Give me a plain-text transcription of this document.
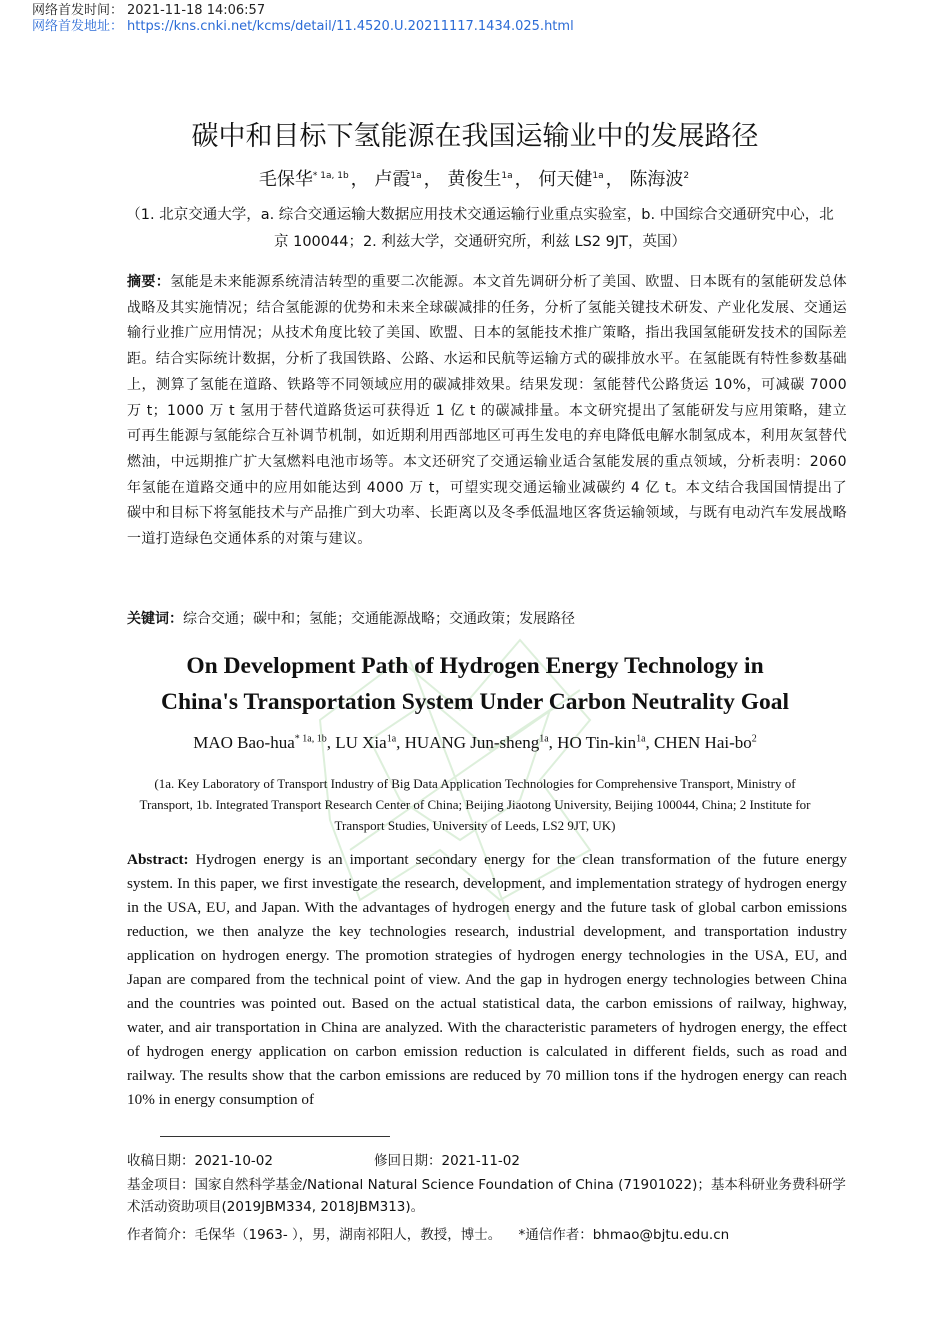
网络首发时间： 2021-11-18 14:06:57
网络首发地址： https://kns.cnki.net/kcms/detail/11.4520.U.20211117.1434.025.html
碳中和目标下氢能源在我国运输业中的发展路径
毛保华$^{* 1a, 1b}$ ， 卢霞$^{1a}$ ， 黄俊生$^{1a}$ ， 何天健$^{1a}$ ， 陈海波$^2$
（1. 北京交通大学，a. 综合交通运输大数据应用技术交通运输行业重点实验室，b. 中国综合交通研究中心，北京 100044；2. 利兹大学，交通研究所，利兹 LS2 9JT，英国）
摘要：氢能是未来能源系统清洁转型的重要二次能源。本文首先调研分析了美国、欧盟、日本既有的氢能研发总体战略及其实施情况；结合氢能源的优势和未来全球碳减排的任务，分析了氢能关键技术研发、产业化发展、交通运输行业推广应用情况；从技术角度比较了美国、欧盟、日本的氢能技术推广策略，指出我国氢能研发技术的国际差距。结合实际统计数据，分析了我国铁路、公路、水运和民航等运输方式的碳排放水平。在氢能既有特性参数基础上，测算了氢能在道路、铁路等不同领域应用的碳减排效果。结果发现：氢能替代公路货运 10%，可减碳 7000 万 t；1000 万 t 氢用于替代道路货运可获得近 1 亿 t 的碳减排量。本文研究提出了氢能研发与应用策略，建立可再生能源与氢能综合互补调节机制，如近期利用西部地区可再生发电的弃电降低电解水制氢成本，利用灰氢替代燃油，中远期推广扩大氢燃料电池市场等。本文还研究了交通运输业适合氢能发展的重点领域，分析表明：2060 年氢能在道路交通中的应用如能达到 4000 万 t，可望实现交通运输业减碳约 4 亿 t。本文结合我国国情提出了碳中和目标下将氢能技术与产品推广到大功率、长距离以及冬季低温地区客货运输领域，与既有电动汽车发展战略一道打造绿色交通体系的对策与建议。
关键词：综合交通；碳中和；氢能；交通能源战略；交通政策；发展路径
On Development Path of Hydrogen Energy Technology in
China's Transportation System Under Carbon Neutrality Goal
MAO Bao-hua$^{* 1a, 1b}$, LU Xia$^{1a}$, HUANG Jun-sheng$^{1a}$, HO Tin-kin$^{1a}$, CHEN Hai-$bo^2$
(1a. Key Laboratory of Transport Industry of Big Data Application Technologies for Comprehensive Transport, Ministry of Transport, 1b. Integrated Transport Research Center of China; Beijing Jiaotong University, Beijing 100044, China; 2 Institute for Transport Studies, University of Leeds, LS2 9JT, UK)
Abstract: Hydrogen energy is an important secondary energy for the clean transformation of the future energy system. In this paper, we first investigate the research, development, and implementation strategy of hydrogen energy in the USA, EU, and Japan. With the advantages of hydrogen energy and the future task of global carbon emissions reduction, we then analyze the key technologies research, industrial development, and transportation industry application on hydrogen energy. The promotion strategies of hydrogen energy technologies in the USA, EU, and Japan are compared from the technical point of view. And the gap in hydrogen energy technologies between China and the countries was pointed out. Based on the actual statistical data, the carbon emissions of railway, highway, water, and air transportation in China are analyzed. With the characteristic parameters of hydrogen energy, the effect of hydrogen energy application on carbon emission reduction is calculated in different fields, such as road and railway. The results show that the carbon emissions are reduced by 70 million tons if the hydrogen energy can reach 10% in energy consumption of
收稿日期：2021-10-02	修回日期：2021-11-02
基金项目：国家自然科学基金/National Natural Science Foundation of China (71901022)；基本科研业务费科研学术活动资助项目(2019JBM334, 2018JBM313)。
作者简介：毛保华（1963- ），男，湖南祁阳人，教授，博士。 *通信作者：bhmao@bjtu.edu.cn
